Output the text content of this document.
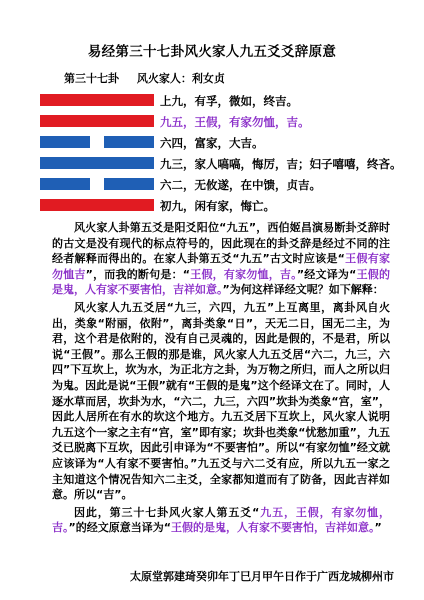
易经第三十七卦风火家人九五爻爻辞原意
第三十七卦 风火家人：利女贞
上九，有孚，微如，终吉。
九五，王假，有家勿恤，吉。
六四，富家，大吉。
九三，家人嗃嗃，悔厉，吉；妇子嘻嘻，终吝。
六二，无攸遂，在中馈，贞吉。
初九，闲有家，悔亡。

风火家人卦第五爻是阳爻阳位“九五”，西伯姬昌演易断卦爻辞时的古文是没有现代的标点符号的，因此现在的卦爻辞是经过不同的注经者解释而得出的。在家人卦第五爻“九五”古文时应该是“王假有家勿恤吉”，而我的断句是：“王假，有家勿恤，吉。”经文译为“王假的是鬼，人有家不要害怕，吉祥如意。”为何这样译经文呢？如下解释：

风火家人九五爻居“九三，六四，九五”上互离里，离卦风自火出，类象“附丽，依附”，离卦类象“日”，天无二日，国无二主，为君，这个君是依附的，没有自己灵魂的，因此是假的，不是君，所以说“王假”。那么王假的那是谁，风火家人九五爻居“六二，九三，六四”下互坎上，坎为水，为正北方之卦，为万物之所归，而人之所以归为鬼。因此是说“王假”就有“王假的是鬼”这个经译文在了。同时，人逐水草而居，坎卦为水，“六二，九三，六四”坎卦为类象“宫，室”，因此人居所在有水的坎这个地方。九五爻居下互坎上，风火家人说明九五这个一家之主有“宫，室”即有家；坎卦也类象“忧愁加重”，九五爻已脱离下互坎，因此引申译为“不要害怕”。所以“有家勿恤”经文就应该译为“人有家不要害怕。”九五爻与六二爻有应，所以九五一家之主知道这个情况告知六二主爻，全家都知道而有了防备，因此吉祥如意。所以“吉”。

因此，第三十七卦风火家人第五爻“九五，王假，有家勿恤，吉。”的经文原意当译为“王假的是鬼，人有家不要害怕，吉祥如意。”

太原堂郭建琦癸卯年丁巳月甲午日作于广西龙城柳州市
